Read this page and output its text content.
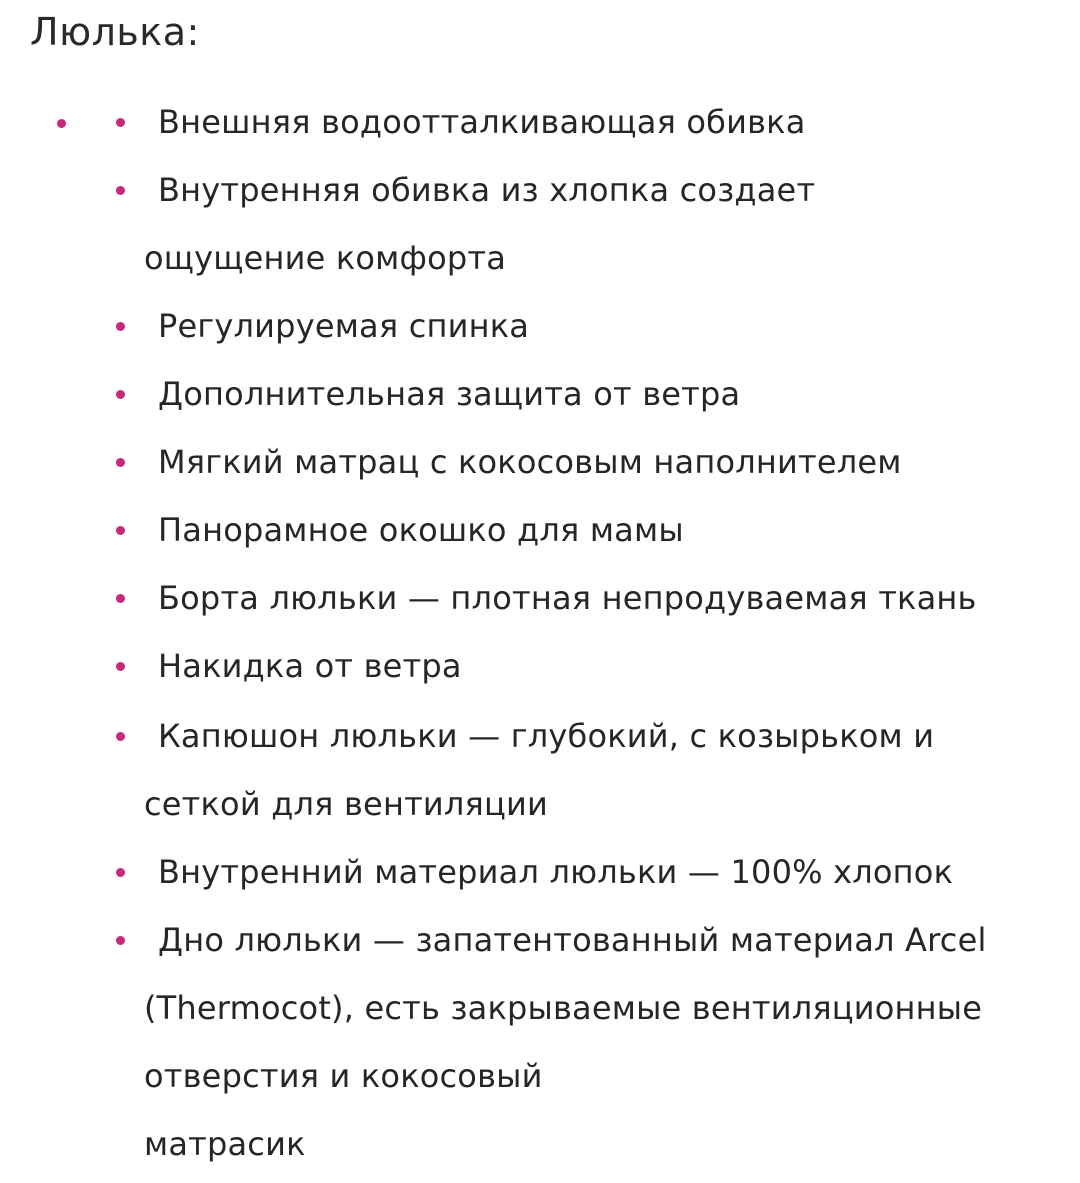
Люлька:
Внешняя водоотталкивающая обивка
Внутренняя обивка из хлопка создает
ощущение комфорта
Регулируемая спинка
Дополнительная защита от ветра
Мягкий матрац с кокосовым наполнителем
Панорамное окошко для мамы
Борта люльки — плотная непродуваемая ткань
Накидка от ветра
Капюшон люльки — глубокий, с козырьком и
сеткой для вентиляции
Внутренний материал люльки — 100% хлопок
Дно люльки — запатентованный материал Arcel
(Thermocot), есть закрываемые вентиляционные
отверстия и кокосовый
матрасик
